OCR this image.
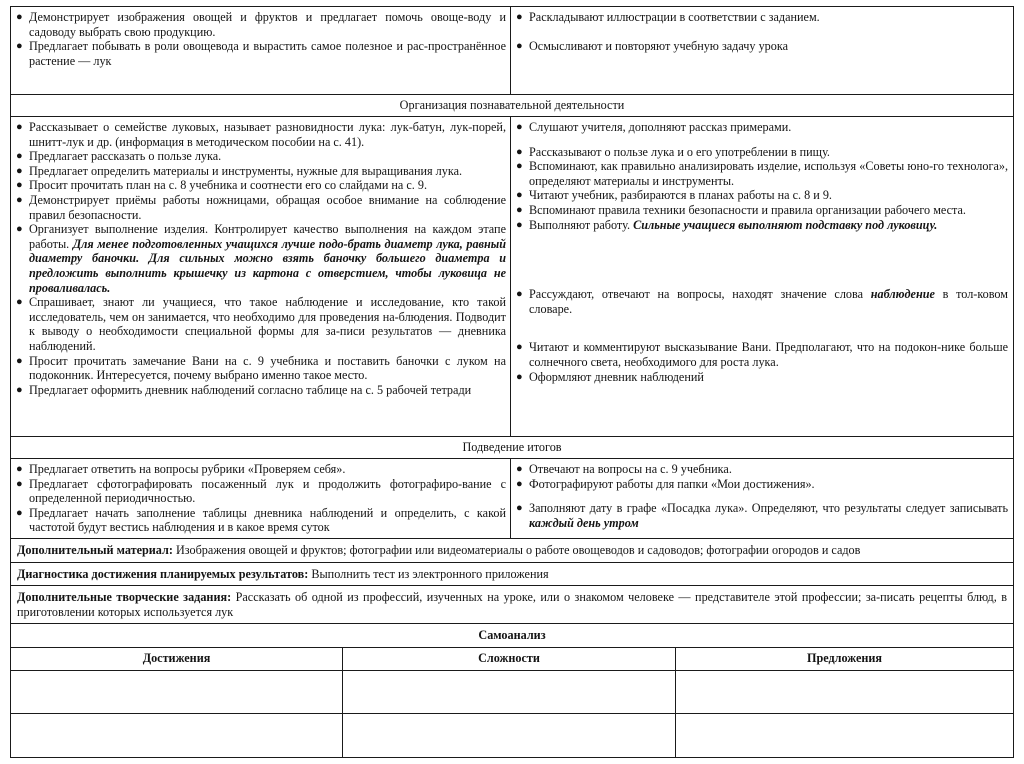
● Демонстрирует изображения овощей и фруктов и предлагает помочь овоще-воду и садоводу выбрать свою продукцию.
● Предлагает побывать в роли овощевода и вырастить самое полезное и рас-пространённое растение — лук
● Раскладывают иллюстрации в соответствии с заданием.
● Осмысливают и повторяют учебную задачу урока
Организация познавательной деятельности
● Рассказывает о семействе луковых, называет разновидности лука: лук-батун, лук-порей, шнитт-лук и др. (информация в методическом пособии на с. 41).
● Предлагает рассказать о пользе лука.
● Предлагает определить материалы и инструменты, нужные для выращивания лука.
● Просит прочитать план на с. 8 учебника и соотнести его со слайдами на с. 9.
● Демонстрирует приёмы работы ножницами, обращая особое внимание на соблюдение правил безопасности.
● Организует выполнение изделия. Контролирует качество выполнения на каждом этапе работы. Для менее подготовленных учащихся лучше подо-брать диаметр лука, равный диаметру баночки. Для сильных можно взять баночку большего диаметра и предложить выполнить крышечку из картона с отверстием, чтобы луковица не проваливалась.
● Спрашивает, знают ли учащиеся, что такое наблюдение и исследование, кто такой исследователь, чем он занимается, что необходимо для проведения на-блюдения. Подводит к выводу о необходимости специальной формы для за-писи результатов — дневника наблюдений.
● Просит прочитать замечание Вани на с. 9 учебника и поставить баночки с луком на подоконник. Интересуется, почему выбрано именно такое место.
● Предлагает оформить дневник наблюдений согласно таблице на с. 5 рабочей тетради
● Слушают учителя, дополняют рассказ примерами.
● Рассказывают о пользе лука и о его употреблении в пищу.
● Вспоминают, как правильно анализировать изделие, используя «Советы юно-го технолога», определяют материалы и инструменты.
● Читают учебник, разбираются в планах работы на с. 8 и 9.
● Вспоминают правила техники безопасности и правила организации рабочего места.
● Выполняют работу. Сильные учащиеся выполняют подставку под луковицу.
● Рассуждают, отвечают на вопросы, находят значение слова наблюдение в тол-ковом словаре.
● Читают и комментируют высказывание Вани. Предполагают, что на подокон-нике больше солнечного света, необходимого для роста лука.
● Оформляют дневник наблюдений
Подведение итогов
● Предлагает ответить на вопросы рубрики «Проверяем себя».
● Предлагает сфотографировать посаженный лук и продолжить фотографиро-вание с определенной периодичностью.
● Предлагает начать заполнение таблицы дневника наблюдений и определить, с какой частотой будут вестись наблюдения и в какое время суток
● Отвечают на вопросы на с. 9 учебника.
● Фотографируют работы для папки «Мои достижения».
● Заполняют дату в графе «Посадка лука». Определяют, что результаты следует записывать каждый день утром
Дополнительный материал: Изображения овощей и фруктов; фотографии или видеоматериалы о работе овощеводов и садоводов; фотографии огородов и садов
Диагностика достижения планируемых результатов: Выполнить тест из электронного приложения
Дополнительные творческие задания: Рассказать об одной из профессий, изученных на уроке, или о знакомом человеке — представителе этой профессии; за-писать рецепты блюд, в приготовлении которых используется лук
Самоанализ
Достижения	Сложности	Предложения
